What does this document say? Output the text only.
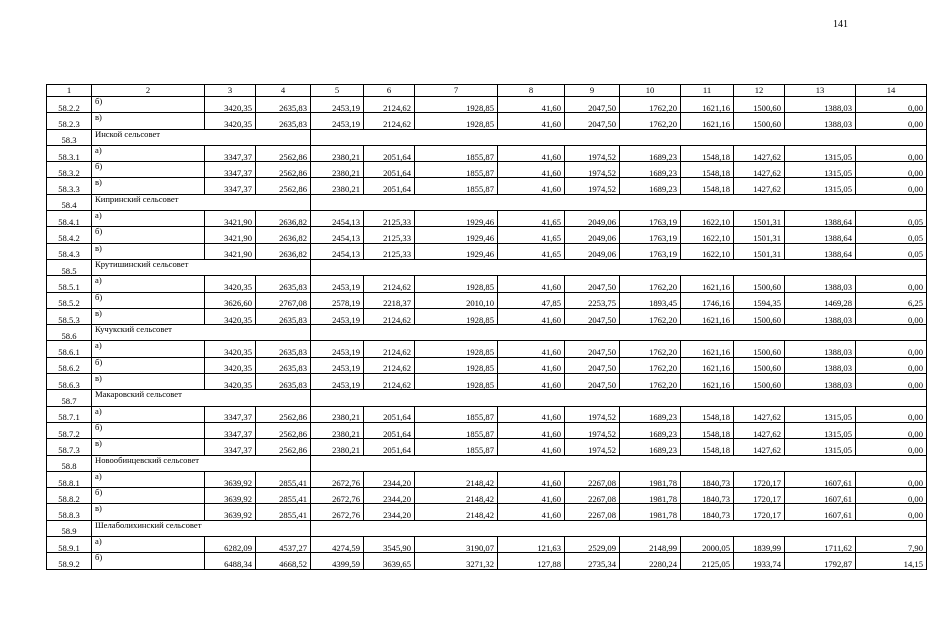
141
1	2	3	4	5	6	7	8	9	10	11	12	13	14
58.2.2	б)	3420,35	2635,83	2453,19	2124,62	1928,85	41,60	2047,50	1762,20	1621,16	1500,60	1388,03	0,00
58.2.3	в)	3420,35	2635,83	2453,19	2124,62	1928,85	41,60	2047,50	1762,20	1621,16	1500,60	1388,03	0,00
58.3	Инской сельсовет												
58.3.1	а)	3347,37	2562,86	2380,21	2051,64	1855,87	41,60	1974,52	1689,23	1548,18	1427,62	1315,05	0,00
58.3.2	б)	3347,37	2562,86	2380,21	2051,64	1855,87	41,60	1974,52	1689,23	1548,18	1427,62	1315,05	0,00
58.3.3	в)	3347,37	2562,86	2380,21	2051,64	1855,87	41,60	1974,52	1689,23	1548,18	1427,62	1315,05	0,00
58.4	Кипринский сельсовет												
58.4.1	а)	3421,90	2636,82	2454,13	2125,33	1929,46	41,65	2049,06	1763,19	1622,10	1501,31	1388,64	0,05
58.4.2	б)	3421,90	2636,82	2454,13	2125,33	1929,46	41,65	2049,06	1763,19	1622,10	1501,31	1388,64	0,05
58.4.3	в)	3421,90	2636,82	2454,13	2125,33	1929,46	41,65	2049,06	1763,19	1622,10	1501,31	1388,64	0,05
58.5	Крутишинский сельсовет												
58.5.1	а)	3420,35	2635,83	2453,19	2124,62	1928,85	41,60	2047,50	1762,20	1621,16	1500,60	1388,03	0,00
58.5.2	б)	3626,60	2767,08	2578,19	2218,37	2010,10	47,85	2253,75	1893,45	1746,16	1594,35	1469,28	6,25
58.5.3	в)	3420,35	2635,83	2453,19	2124,62	1928,85	41,60	2047,50	1762,20	1621,16	1500,60	1388,03	0,00
58.6	Кучукский сельсовет												
58.6.1	а)	3420,35	2635,83	2453,19	2124,62	1928,85	41,60	2047,50	1762,20	1621,16	1500,60	1388,03	0,00
58.6.2	б)	3420,35	2635,83	2453,19	2124,62	1928,85	41,60	2047,50	1762,20	1621,16	1500,60	1388,03	0,00
58.6.3	в)	3420,35	2635,83	2453,19	2124,62	1928,85	41,60	2047,50	1762,20	1621,16	1500,60	1388,03	0,00
58.7	Макаровский сельсовет												
58.7.1	а)	3347,37	2562,86	2380,21	2051,64	1855,87	41,60	1974,52	1689,23	1548,18	1427,62	1315,05	0,00
58.7.2	б)	3347,37	2562,86	2380,21	2051,64	1855,87	41,60	1974,52	1689,23	1548,18	1427,62	1315,05	0,00
58.7.3	в)	3347,37	2562,86	2380,21	2051,64	1855,87	41,60	1974,52	1689,23	1548,18	1427,62	1315,05	0,00
58.8	Новообинцевский сельсовет												
58.8.1	а)	3639,92	2855,41	2672,76	2344,20	2148,42	41,60	2267,08	1981,78	1840,73	1720,17	1607,61	0,00
58.8.2	б)	3639,92	2855,41	2672,76	2344,20	2148,42	41,60	2267,08	1981,78	1840,73	1720,17	1607,61	0,00
58.8.3	в)	3639,92	2855,41	2672,76	2344,20	2148,42	41,60	2267,08	1981,78	1840,73	1720,17	1607,61	0,00
58.9	Шелаболихинский сельсовет												
58.9.1	а)	6282,09	4537,27	4274,59	3545,90	3190,07	121,63	2529,09	2148,99	2000,05	1839,99	1711,62	7,90
58.9.2	б)	6488,34	4668,52	4399,59	3639,65	3271,32	127,88	2735,34	2280,24	2125,05	1933,74	1792,87	14,15
